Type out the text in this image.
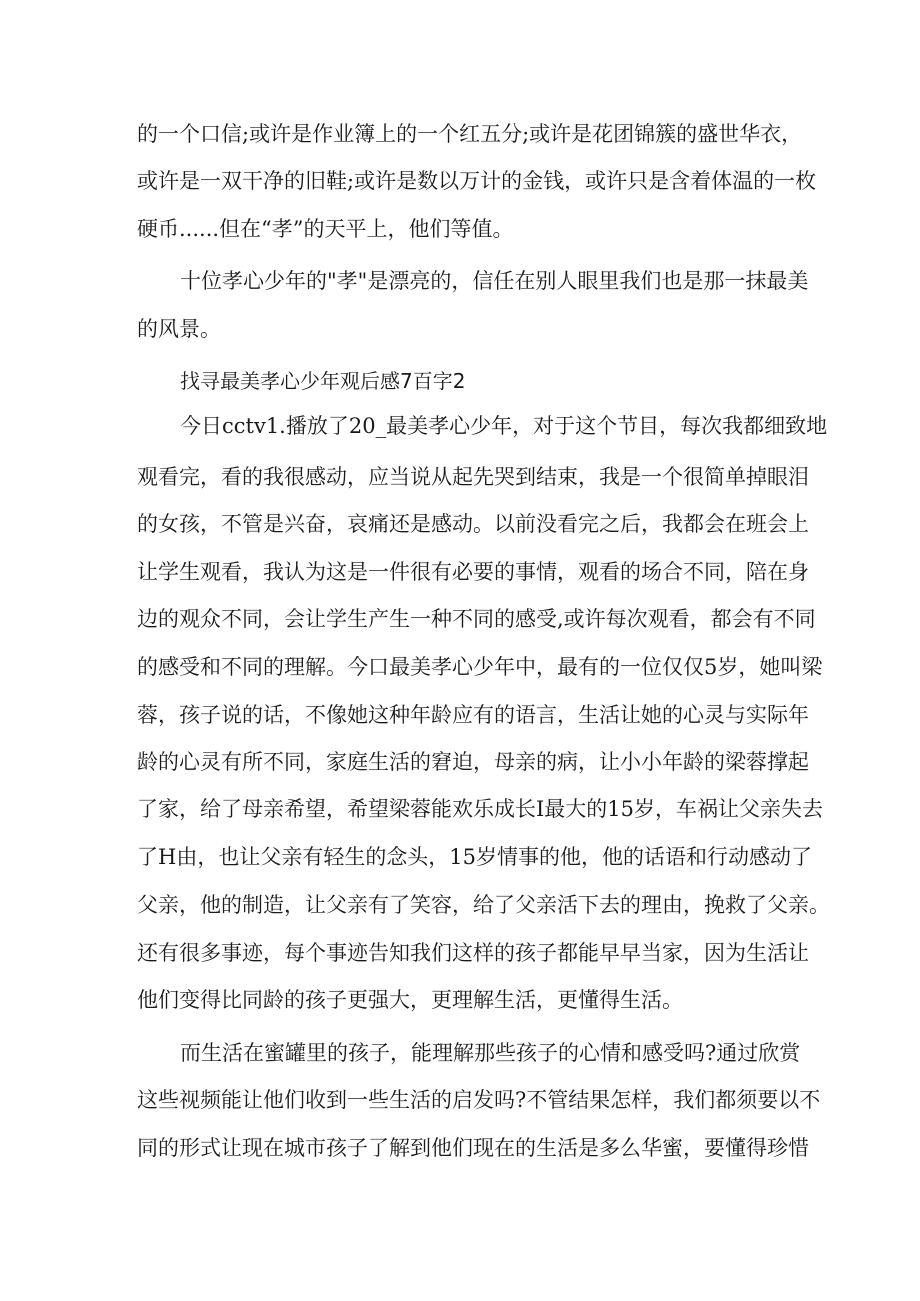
的一个口信;或许是作业簿上的一个红五分;或许是花团锦簇的盛世华衣，
或许是一双干净的旧鞋;或许是数以万计的金钱，或许只是含着体温的一枚
硬币......但在“孝”的天平上，他们等值。
十位孝心少年的"孝"是漂亮的，信任在别人眼里我们也是那一抹最美
的风景。
找寻最美孝心少年观后感7百字2
今日cctv1.播放了20_最美孝心少年，对于这个节目，每次我都细致地
观看完，看的我很感动，应当说从起先哭到结束，我是一个很简单掉眼泪
的女孩，不管是兴奋，哀痛还是感动。以前没看完之后，我都会在班会上
让学生观看，我认为这是一件很有必要的事情，观看的场合不同，陪在身
边的观众不同，会让学生产生一种不同的感受,或许每次观看，都会有不同
的感受和不同的理解。今口最美孝心少年中，最有的一位仅仅5岁，她叫梁
蓉，孩子说的话，不像她这种年龄应有的语言，生活让她的心灵与实际年
龄的心灵有所不同，家庭生活的窘迫，母亲的病，让小小年龄的梁蓉撑起
了家，给了母亲希望，希望梁蓉能欢乐成长I最大的15岁，车祸让父亲失去
了H由，也让父亲有轻生的念头，15岁情事的他，他的话语和行动感动了
父亲，他的制造，让父亲有了笑容，给了父亲活下去的理由，挽救了父亲。
还有很多事迹，每个事迹告知我们这样的孩子都能早早当家，因为生活让
他们变得比同龄的孩子更强大，更理解生活，更懂得生活。
而生活在蜜罐里的孩子，能理解那些孩子的心情和感受吗?通过欣赏
这些视频能让他们收到一些生活的启发吗?不管结果怎样，我们都须要以不
同的形式让现在城市孩子了解到他们现在的生活是多么华蜜，要懂得珍惜
